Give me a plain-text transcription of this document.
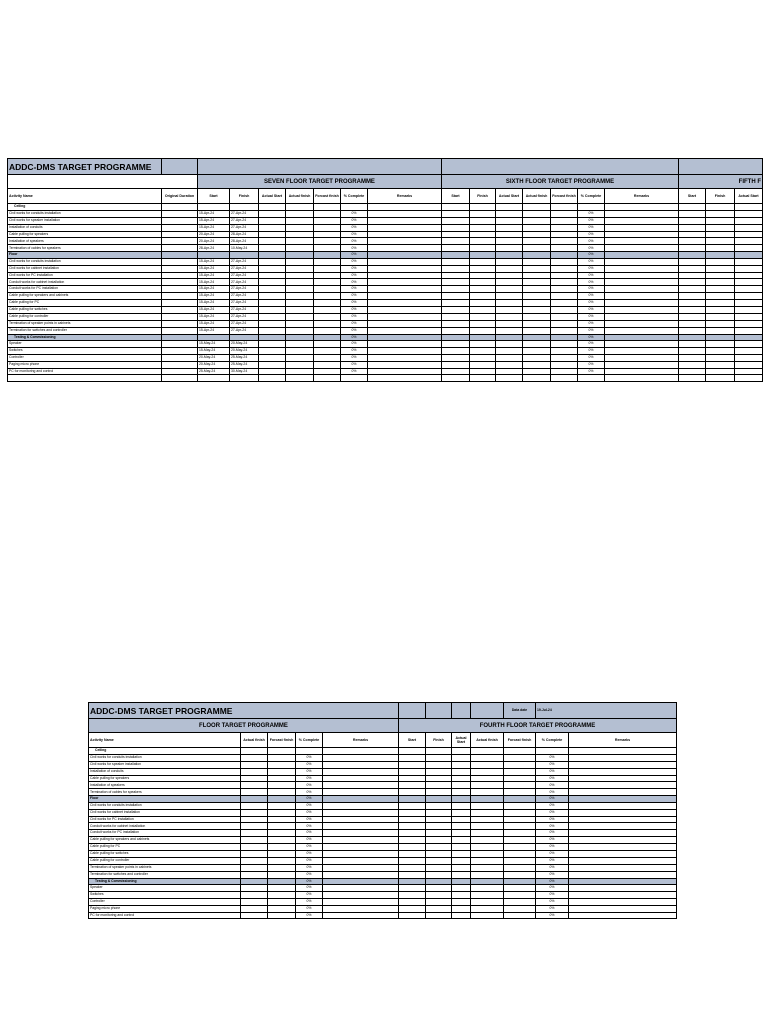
ADDC-DMS TARGET PROGRAMME																		
		SEVEN FLOOR TARGET PROGRAMME							SIXTH FLOOR TARGET PROGRAMME							FIFTH F		
Activity Name	Original Duration	Start	Finish	Actual Start	Actual finish	Forcast finish	% Complete	Remarks	Start	Finish	Actual Start	Actual finish	Forcast finish	% Complete	Remarks	Start	Finish	Actual Start
Ceiling																		
Civil works for conduits installation		15-Apr-24	27-Apr-24				0%							0%				
Civil works for speaker installation		15-Apr-24	27-Apr-24				0%							0%				
Installation of conduits		15-Apr-24	27-Apr-24				0%							0%				
Cable pulling for speakers		20-Apr-24	28-Apr-24				0%							0%				
Installation of speakers		20-Apr-24	28-Apr-24				0%							0%				
Termination of cables for speakers		28-Apr-24	10-May-24				0%							0%				
Floor							0%							0%				
Civil works for conduits installation		15-Apr-24	27-Apr-24				0%							0%				
Civil works for cabinet installation		15-Apr-24	27-Apr-24				0%							0%				
Civil works for PC installation		15-Apr-24	27-Apr-24				0%							0%				
Conduit works for cabinet installation		15-Apr-24	27-Apr-24				0%							0%				
Conduit works for PC installation		15-Apr-24	27-Apr-24				0%							0%				
Cable pulling for speakers and cabinets		15-Apr-24	27-Apr-24				0%							0%				
Cable pulling for PC		15-Apr-24	27-Apr-24				0%							0%				
Cable pulling for switches		15-Apr-24	27-Apr-24				0%							0%				
Cable pulling for controller		15-Apr-24	27-Apr-24				0%							0%				
Termination of speaker points in cabinets		15-Apr-24	27-Apr-24				0%							0%				
Termination for switches and controller		15-Apr-24	27-Apr-24				0%							0%				
Testing & Commissioning							0%							0%				
Speaker		15-May-24	20-May-24				0%							0%				
Switches		15-May-24	20-May-24				0%							0%				
Controller		20-May-24	25-May-24				0%							0%				
Paging micro phone		20-May-24	25-May-24				0%							0%				
PC for monitoring and control		25-May-24	30-May-24				0%							0%				

ADDC-DMS TARGET PROGRAMME									Data date	19-Jul-24	
FLOOR TARGET PROGRAMME					FOURTH FLOOR TARGET PROGRAMME						
Activity Name	Actual finish	Forcast finish	% Complete	Remarks	Start	Finish	Actual Start	Actual finish	Forcast finish	% Complete	Remarks
Ceiling											
Civil works for conduits installation			0%							0%	
Civil works for speaker installation			0%							0%	
Installation of conduits			0%							0%	
Cable pulling for speakers			0%							0%	
Installation of speakers			0%							0%	
Termination of cables for speakers			0%							0%	
Floor			0%							0%	
Civil works for conduits installation			0%							0%	
Civil works for cabinet installation			0%							0%	
Civil works for PC installation			0%							0%	
Conduit works for cabinet installation			0%							0%	
Conduit works for PC installation			0%							0%	
Cable pulling for speakers and cabinets			0%							0%	
Cable pulling for PC			0%							0%	
Cable pulling for switches			0%							0%	
Cable pulling for controller			0%							0%	
Termination of speaker points in cabinets			0%							0%	
Termination for switches and controller			0%							0%	
Testing & Commissioning			0%							0%	
Speaker			0%							0%	
Switches			0%							0%	
Controller			0%							0%	
Paging micro phone			0%							0%	
PC for monitoring and control			0%							0%	
